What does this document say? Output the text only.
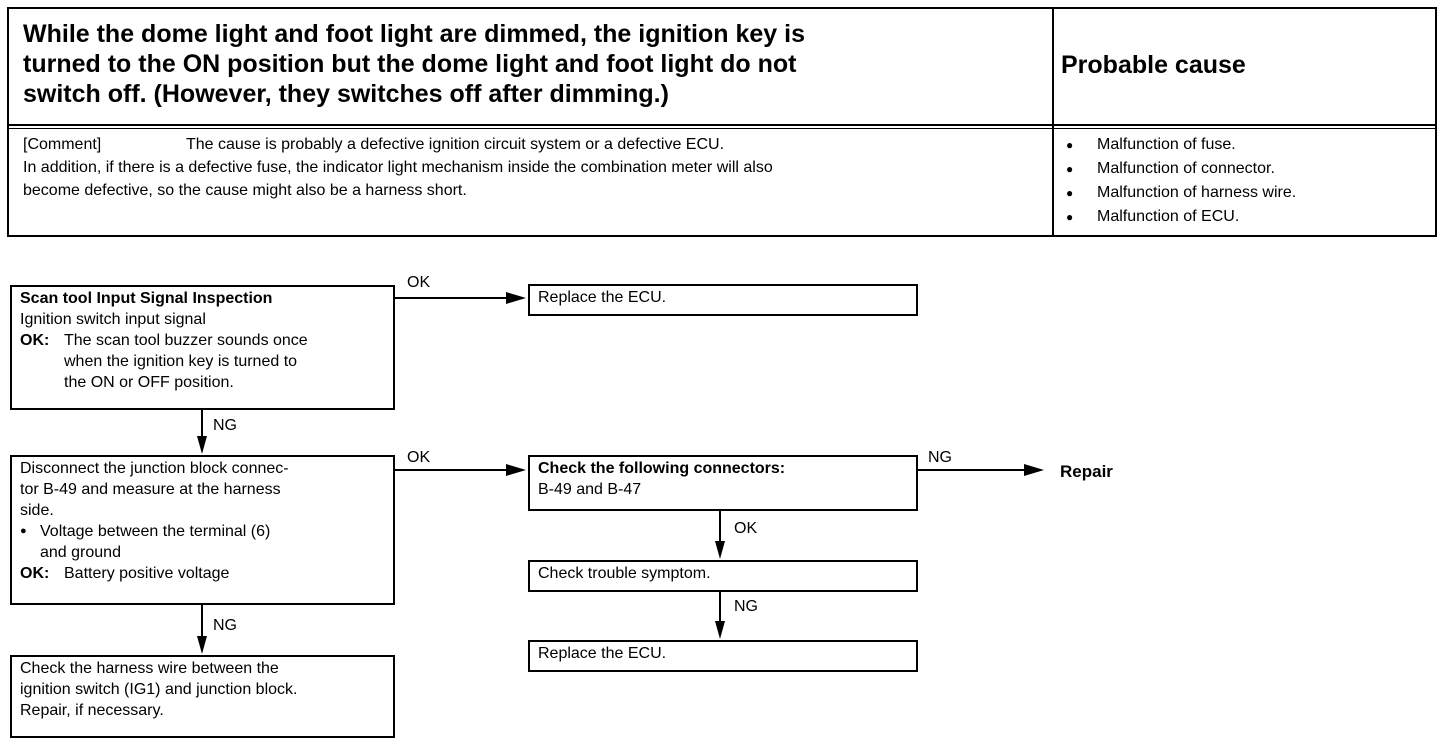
While the dome light and foot light are dimmed, the ignition key is
turned to the ON position but the dome light and foot light do not
switch off. (However, they switches off after dimming.)
Probable cause
[Comment]	The cause is probably a defective ignition circuit system or a defective ECU.
In addition, if there is a defective fuse, the indicator light mechanism inside the combination meter will also
become defective, so the cause might also be a harness short.
● Malfunction of fuse.
● Malfunction of connector.
● Malfunction of harness wire.
● Malfunction of ECU.
OK
NG
OK	NG
OK
NG
NG
Repair
Scan tool Input Signal Inspection
Ignition switch input signal
OK: The scan tool buzzer sounds once
when the ignition key is turned to
the ON or OFF position.
Replace the ECU.
Disconnect the junction block connec-
tor B-49 and measure at the harness
side.
● Voltage between the terminal (6)
and ground
OK: Battery positive voltage
Check the following connectors:
B-49 and B-47
Check trouble symptom.
Replace the ECU.
Check the harness wire between the
ignition switch (IG1) and junction block.
Repair, if necessary.
